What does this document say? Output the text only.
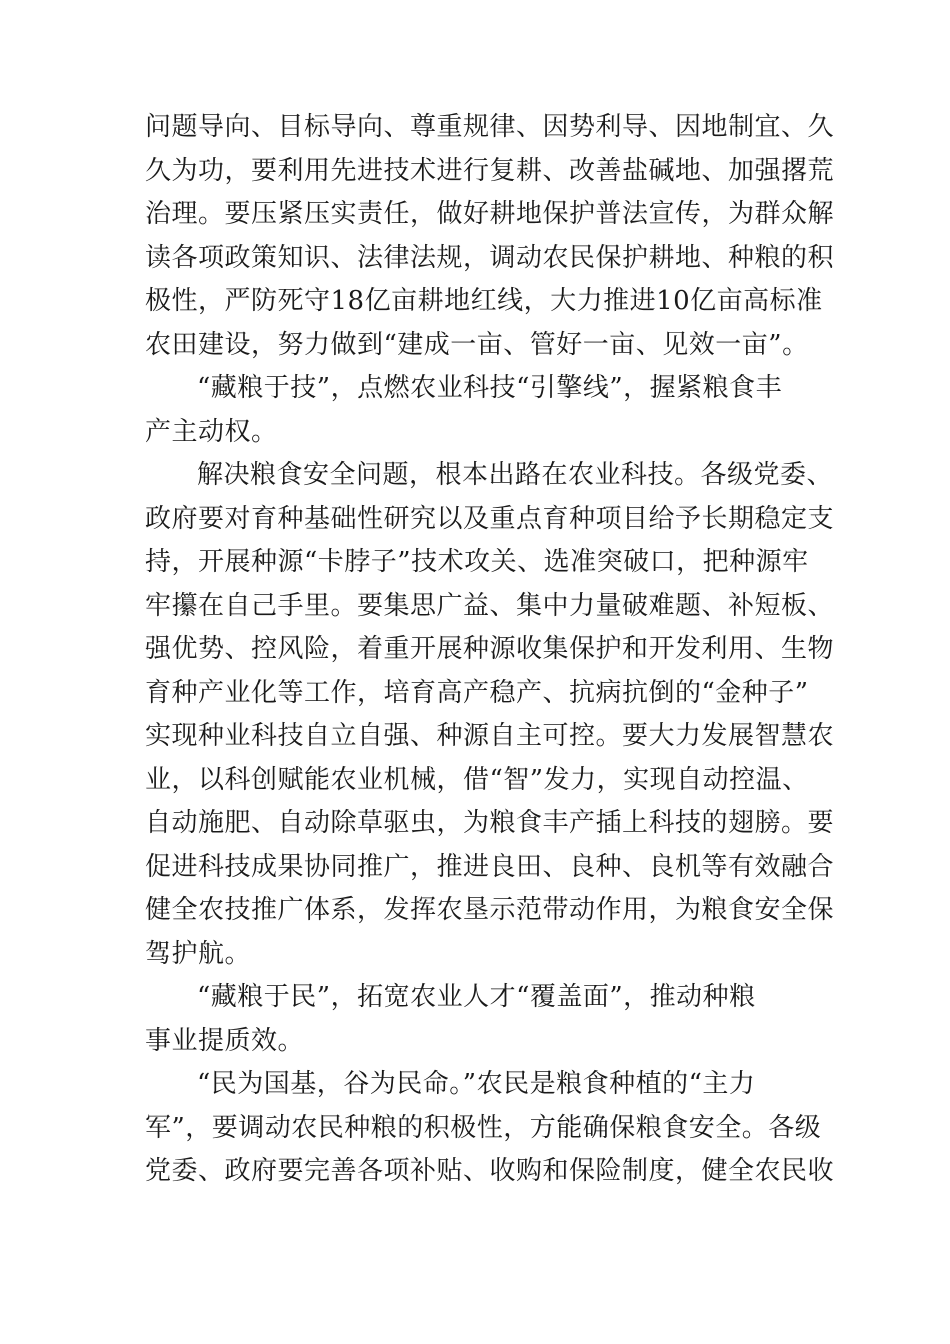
问题导向、目标导向、尊重规律、因势利导、因地制宜、久
久为功，要利用先进技术进行复耕、改善盐碱地、加强撂荒
治理。要压紧压实责任，做好耕地保护普法宣传，为群众解
读各项政策知识、法律法规，调动农民保护耕地、种粮的积
极性，严防死守18亿亩耕地红线，大力推进10亿亩高标准
农田建设，努力做到“建成一亩、管好一亩、见效一亩”。

“藏粮于技”，点燃农业科技“引擎线”，握紧粮食丰
产主动权。

解决粮食安全问题，根本出路在农业科技。各级党委、
政府要对育种基础性研究以及重点育种项目给予长期稳定支
持，开展种源“卡脖子”技术攻关、选准突破口，把种源牢
牢攥在自己手里。要集思广益、集中力量破难题、补短板、
强优势、控风险，着重开展种源收集保护和开发利用、生物
育种产业化等工作，培育高产稳产、抗病抗倒的“金种子”
实现种业科技自立自强、种源自主可控。要大力发展智慧农
业，以科创赋能农业机械，借“智”发力，实现自动控温、
自动施肥、自动除草驱虫，为粮食丰产插上科技的翅膀。要
促进科技成果协同推广，推进良田、良种、良机等有效融合
健全农技推广体系，发挥农垦示范带动作用，为粮食安全保
驾护航。

“藏粮于民”，拓宽农业人才“覆盖面”，推动种粮
事业提质效。

“民为国基，谷为民命。”农民是粮食种植的“主力
军”，要调动农民种粮的积极性，方能确保粮食安全。各级
党委、政府要完善各项补贴、收购和保险制度，健全农民收
